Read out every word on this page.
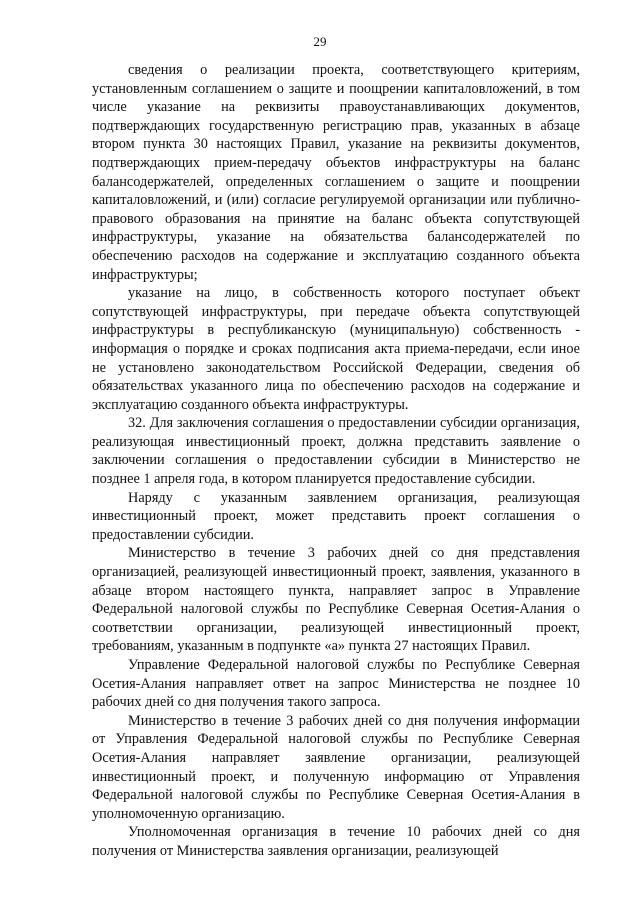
29

сведения о реализации проекта, соответствующего критериям, установленным соглашением о защите и поощрении капиталовложений, в том числе указание на реквизиты правоустанавливающих документов, подтверждающих государственную регистрацию прав, указанных в абзаце втором пункта 30 настоящих Правил, указание на реквизиты документов, подтверждающих прием-передачу объектов инфраструктуры на баланс балансодержателей, определенных соглашением о защите и поощрении капиталовложений, и (или) согласие регулируемой организации или публично-правового образования на принятие на баланс объекта сопутствующей инфраструктуры, указание на обязательства балансодержателей по обеспечению расходов на содержание и эксплуатацию созданного объекта инфраструктуры;

указание на лицо, в собственность которого поступает объект сопутствующей инфраструктуры, при передаче объекта сопутствующей инфраструктуры в республиканскую (муниципальную) собственность - информация о порядке и сроках подписания акта приема-передачи, если иное не установлено законодательством Российской Федерации, сведения об обязательствах указанного лица по обеспечению расходов на содержание и эксплуатацию созданного объекта инфраструктуры.

32. Для заключения соглашения о предоставлении субсидии организация, реализующая инвестиционный проект, должна представить заявление о заключении соглашения о предоставлении субсидии в Министерство не позднее 1 апреля года, в котором планируется предоставление субсидии.

Наряду с указанным заявлением организация, реализующая инвестиционный проект, может представить проект соглашения о предоставлении субсидии.

Министерство в течение 3 рабочих дней со дня представления организацией, реализующей инвестиционный проект, заявления, указанного в абзаце втором настоящего пункта, направляет запрос в Управление Федеральной налоговой службы по Республике Северная Осетия-Алания о соответствии организации, реализующей инвестиционный проект, требованиям, указанным в подпункте «а» пункта 27 настоящих Правил.

Управление Федеральной налоговой службы по Республике Северная Осетия-Алания направляет ответ на запрос Министерства не позднее 10 рабочих дней со дня получения такого запроса.

Министерство в течение 3 рабочих дней со дня получения информации от Управления Федеральной налоговой службы по Республике Северная Осетия-Алания направляет заявление организации, реализующей инвестиционный проект, и полученную информацию от Управления Федеральной налоговой службы по Республике Северная Осетия-Алания в уполномоченную организацию.

Уполномоченная организация в течение 10 рабочих дней со дня получения от Министерства заявления организации, реализующей
